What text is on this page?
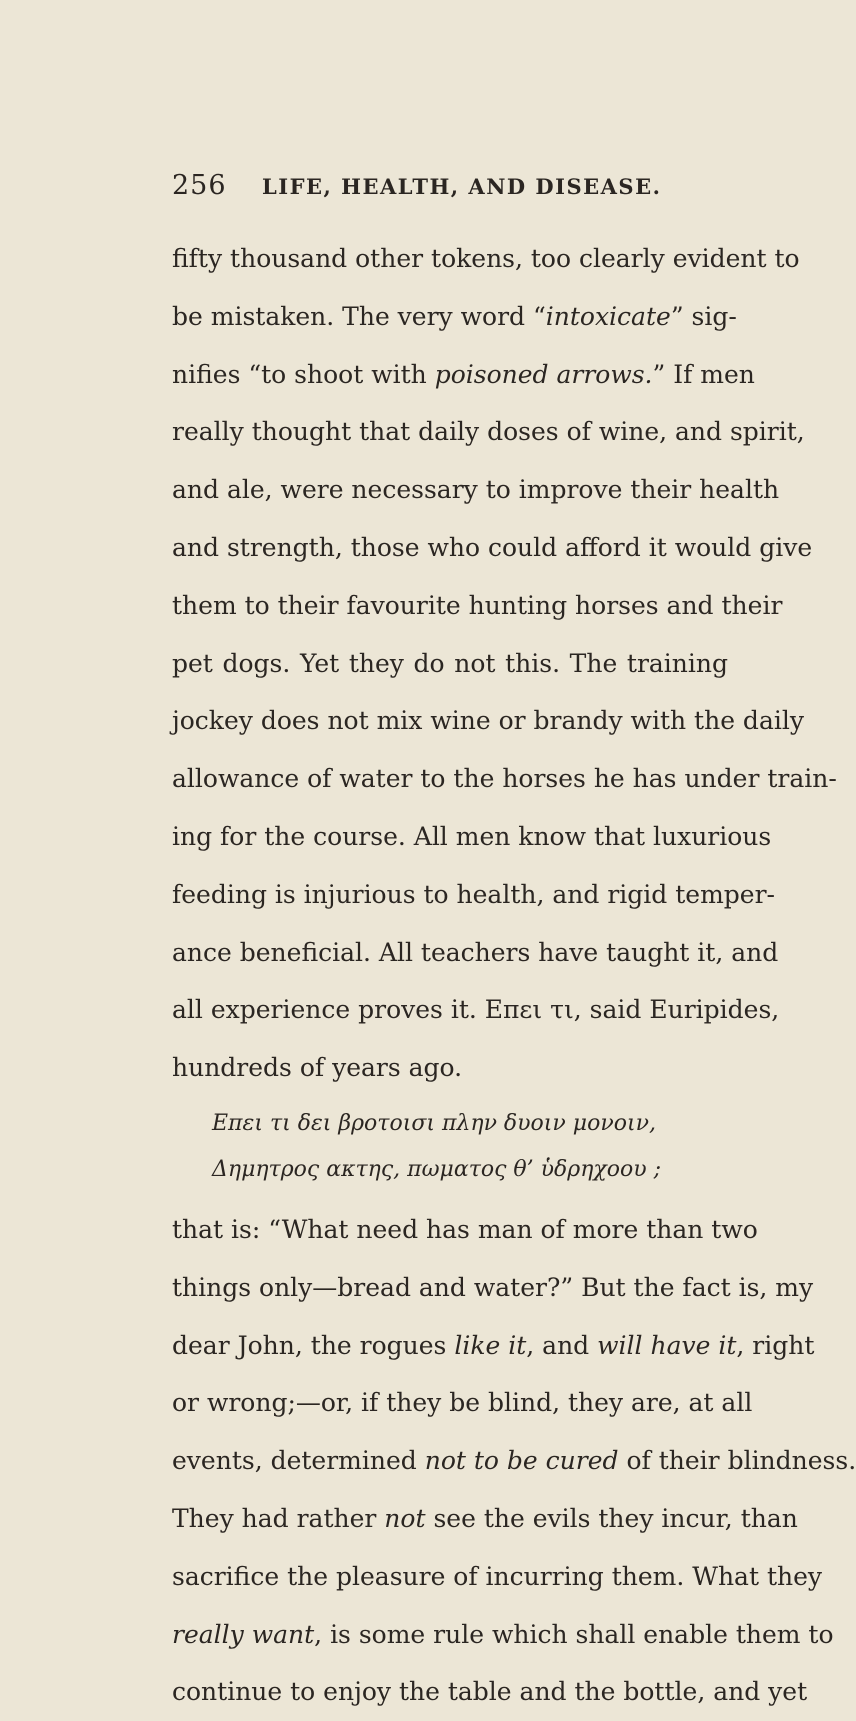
256 LIFE, HEALTH, AND DISEASE.
fifty thousand other tokens, too clearly evident to
be mistaken. The very word “intoxicate” sig-
nifies “to shoot with poisoned arrows.” If men
really thought that daily doses of wine, and spirit,
and ale, were necessary to improve their health
and strength, those who could afford it would give
them to their favourite hunting horses and their
pet dogs. Yet they do not this. The training
jockey does not mix wine or brandy with the daily
allowance of water to the horses he has under train-
ing for the course. All men know that luxurious
feeding is injurious to health, and rigid temper-
ance beneficial. All teachers have taught it, and
all experience proves it. Επει τι, said Euripides,
hundreds of years ago.
Επει τι δει βροτοισι πλην δυοιν μονοιν,
Δημητρος ακτης, πωματος θ’ ὑδρηχοου ;
that is: “What need has man of more than two
things only—bread and water?” But the fact is, my
dear John, the rogues like it, and will have it, right
or wrong;—or, if they be blind, they are, at all
events, determined not to be cured of their blindness.
They had rather not see the evils they incur, than
sacrifice the pleasure of incurring them. What they
really want, is some rule which shall enable them to
continue to enjoy the table and the bottle, and yet
